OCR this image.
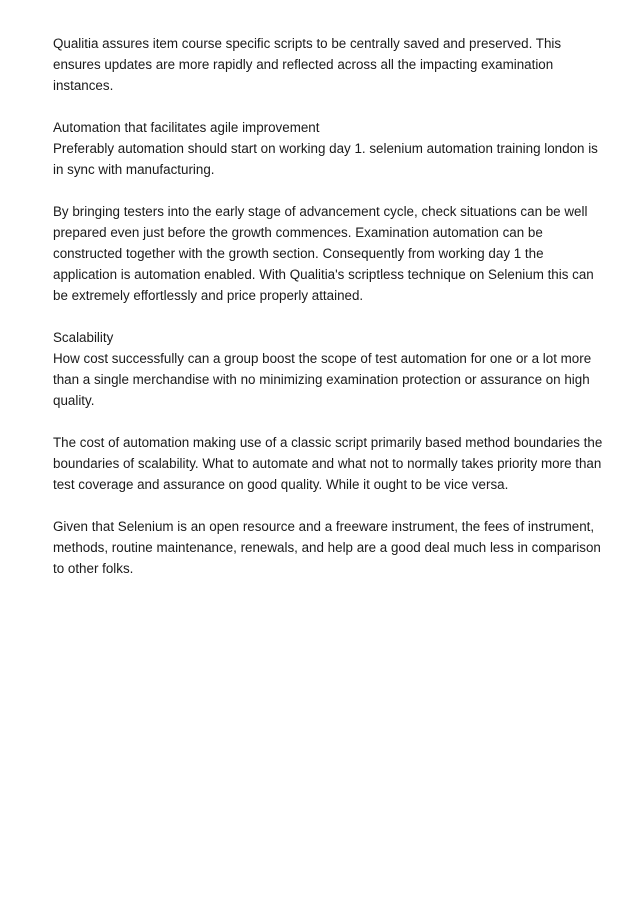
Qualitia assures item course specific scripts to be centrally saved and preserved. This
ensures updates are more rapidly and reflected across all the impacting examination
instances.

Automation that facilitates agile improvement
Preferably automation should start on working day 1. selenium automation training london is
in sync with manufacturing.

By bringing testers into the early stage of advancement cycle, check situations can be well
prepared even just before the growth commences. Examination automation can be
constructed together with the growth section. Consequently from working day 1 the
application is automation enabled. With Qualitia's scriptless technique on Selenium this can
be extremely effortlessly and price properly attained.

Scalability
How cost successfully can a group boost the scope of test automation for one or a lot more
than a single merchandise with no minimizing examination protection or assurance on high
quality.

The cost of automation making use of a classic script primarily based method boundaries the
boundaries of scalability. What to automate and what not to normally takes priority more than
test coverage and assurance on good quality. While it ought to be vice versa.

Given that Selenium is an open resource and a freeware instrument, the fees of instrument,
methods, routine maintenance, renewals, and help are a good deal much less in comparison
to other folks.
